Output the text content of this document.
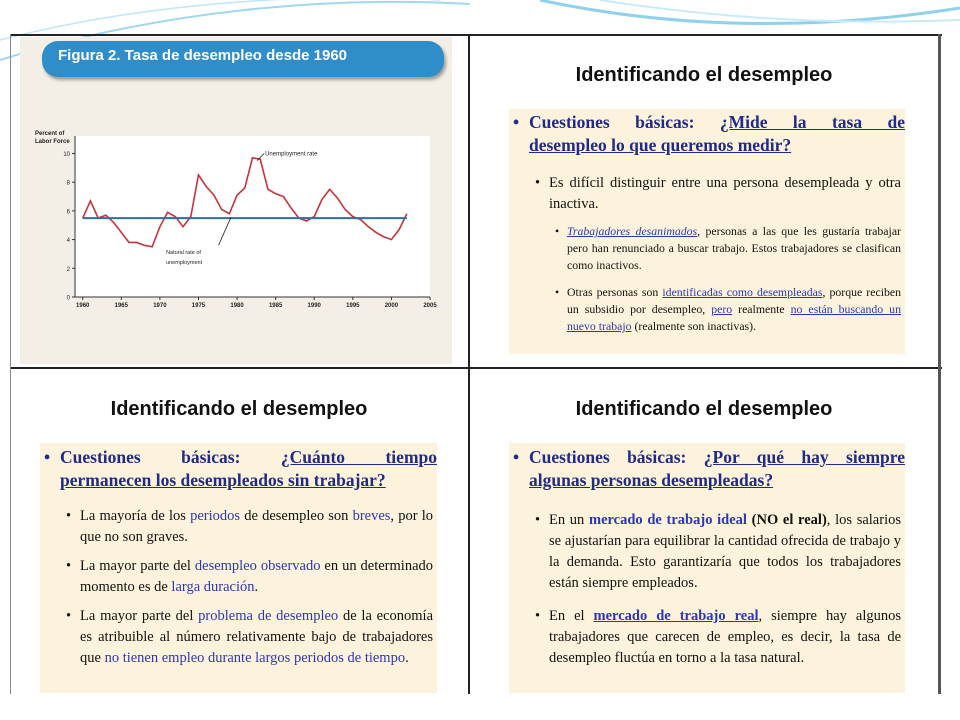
Figura 2. Tasa de desempleo desde 1960
0
2
4
6
8
10
1960	1965	1970	1975	1980	1985	1990	1995	2000	2005
Percent of
Labor Force
Unemployment rate
Natural rate of
unemployment
Identificando el desempleo
• Cuestiones básicas: ¿Mide la tasa de
desempleo lo que queremos medir?
• Es difícil distinguir entre una persona desempleada y otra inactiva.
• Trabajadores desanimados, personas a las que les gustaría trabajar pero han renunciado a buscar trabajo. Estos trabajadores se clasifican como inactivos.
• Otras personas son identificadas como desempleadas, porque reciben un subsidio por desempleo, pero realmente no están buscando un nuevo trabajo (realmente son inactivas).
Identificando el desempleo
• Cuestiones básicas: ¿Cuánto tiempo
permanecen los desempleados sin trabajar?
• La mayoría de los periodos de desempleo son breves, por lo que no son graves.
• La mayor parte del desempleo observado en un determinado momento es de larga duración.
• La mayor parte del problema de desempleo de la economía es atribuible al número relativamente bajo de trabajadores que no tienen empleo durante largos periodos de tiempo.
Identificando el desempleo
• Cuestiones básicas: ¿Por qué hay siempre
algunas personas desempleadas?
• En un mercado de trabajo ideal (NO el real), los salarios se ajustarían para equilibrar la cantidad ofrecida de trabajo y la demanda. Esto garantizaría que todos los trabajadores están siempre empleados.
• En el mercado de trabajo real, siempre hay algunos trabajadores que carecen de empleo, es decir, la tasa de desempleo fluctúa en torno a la tasa natural.
